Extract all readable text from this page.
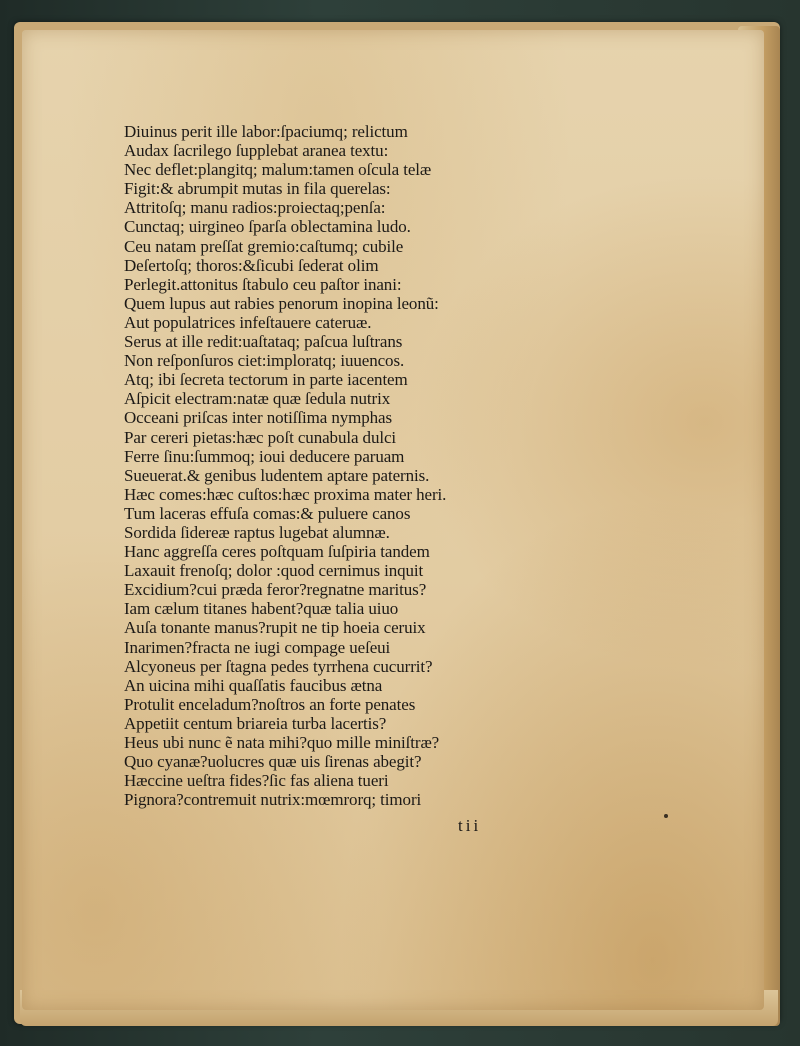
Diuinus perit ille labor:ſpaciumq; relictum
Audax ſacrilego ſupplebat aranea textu:
Nec deflet:plangitq; malum:tamen oſcula telæ
Figit:& abrumpit mutas in fila querelas:
Attritoſq; manu radios:proiectaq;penſa:
Cunctaq; uirgineo ſparſa oblectamina ludo.
Ceu natam preſſat gremio:caſtumq; cubile
Deſertoſq; thoros:&ſicubi ſederat olim
Perlegit.attonitus ſtabulo ceu paſtor inani:
Quem lupus aut rabies penorum inopina leonũ:
Aut populatrices infeſtauere cateruæ.
Serus at ille redit:uaſtataq; paſcua luſtrans
Non reſponſuros ciet:imploratq; iuuencos.
Atq; ibi ſecreta tectorum in parte iacentem
Aſpicit electram:natæ quæ ſedula nutrix
Occeani priſcas inter notiſſima nymphas
Par cereri pietas:hæc poſt cunabula dulci
Ferre ſinu:ſummoq; ioui deducere paruam
Sueuerat.& genibus ludentem aptare paternis.
Hæc comes:hæc cuſtos:hæc proxima mater heri.
Tum laceras effuſa comas:& puluere canos
Sordida ſidereæ raptus lugebat alumnæ.
Hanc aggreſſa ceres poſtquam ſuſpiria tandem
Laxauit frenoſq; dolor :quod cernimus inquit
Excidium?cui præda feror?regnatne maritus?
Iam cælum titanes habent?quæ talia uiuo
Auſa tonante manus?rupit ne tip hoeia ceruix
Inarimen?fracta ne iugi compage ueſeui
Alcyoneus per ſtagna pedes tyrrhena cucurrit?
An uicina mihi quaſſatis faucibus ætna
Protulit enceladum?noſtros an forte penates
Appetiit centum briareia turba lacertis?
Heus ubi nunc ẽ nata mihi?quo mille miniſtræ?
Quo cyanæ?uolucres quæ uis ſirenas abegit?
Hæccine ueſtra fides?ſic fas aliena tueri
Pignora?contremuit nutrix:mœmrorq; timori
tii
